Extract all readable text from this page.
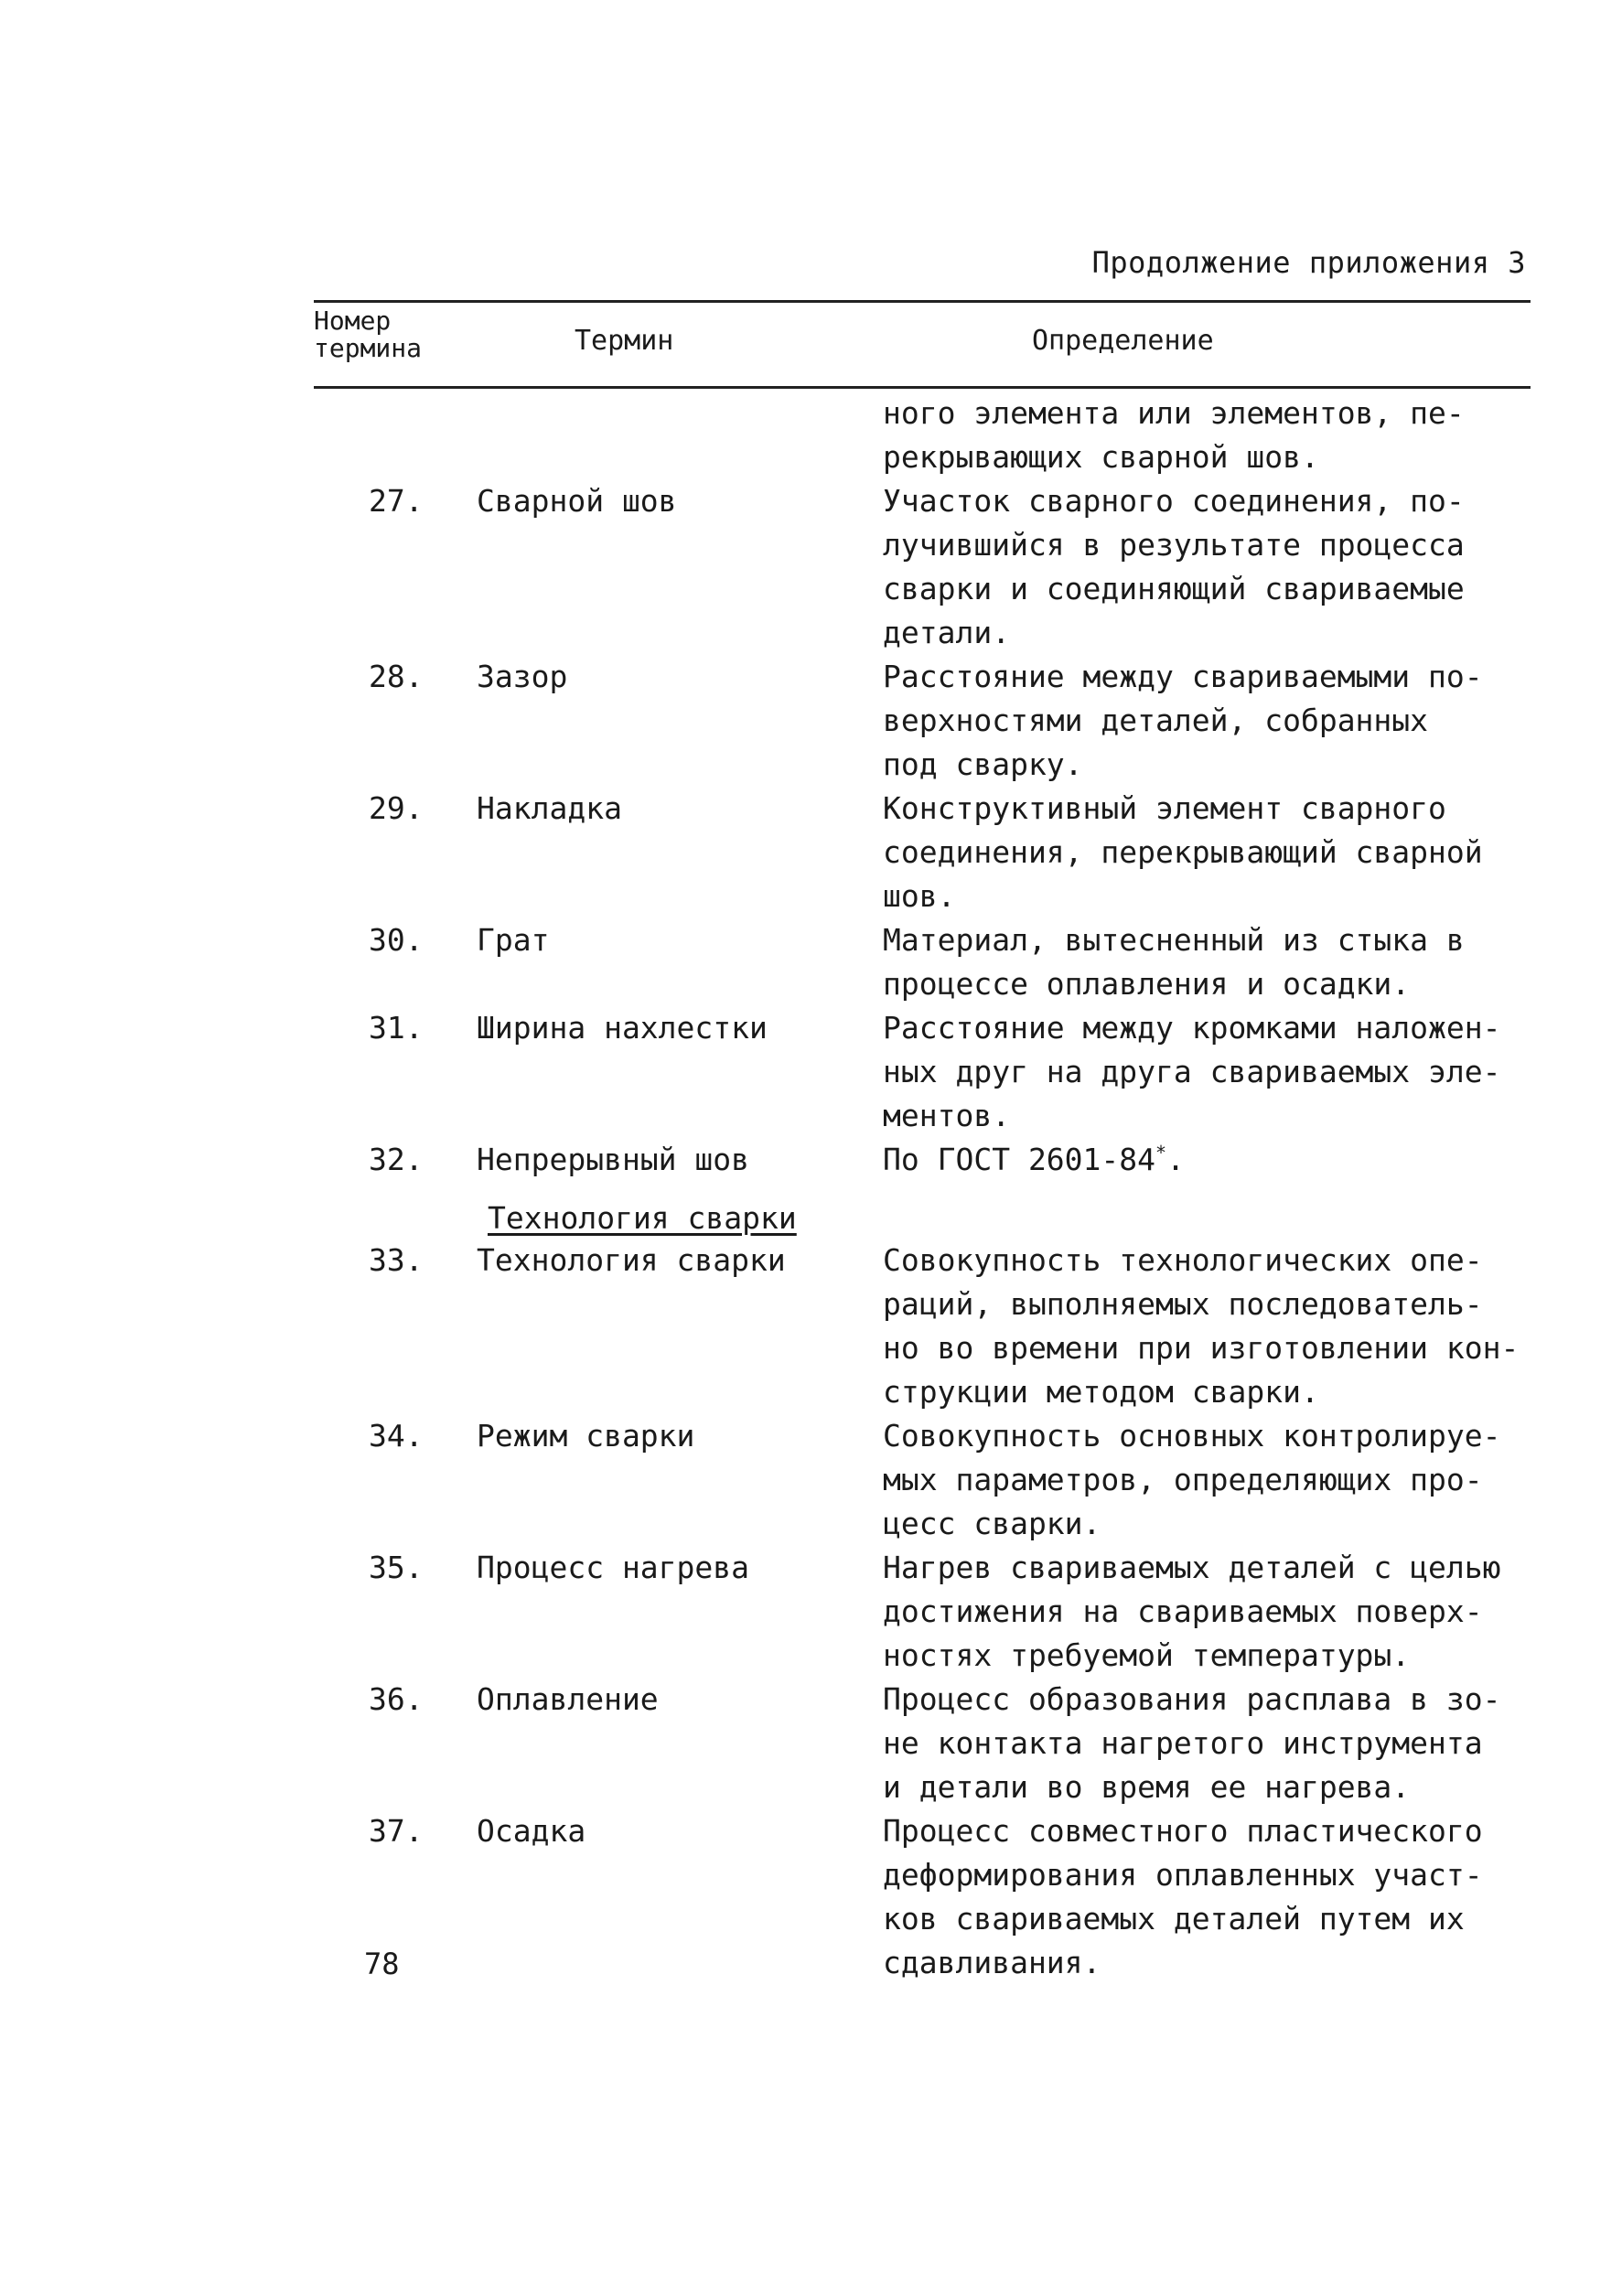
Продолжение приложения 3
Номер
термина	Термин	Определение
ного элемента или элементов, пе-
рекрывающих сварной шов.
27.	Сварной шов	Участок сварного соединения, по-
лучившийся в результате процесса
сварки и соединяющий свариваемые
детали.
28.	Зазор	Расстояние между свариваемыми по-
верхностями деталей, собранных
под сварку.
29.	Накладка	Конструктивный элемент сварного
соединения, перекрывающий сварной
шов.
30.	Грат	Материал, вытесненный из стыка в
процессе оплавления и осадки.
31.	Ширина нахлестки	Расстояние между кромками наложен-
ных друг на друга свариваемых эле-
ментов.
32.	Непрерывный шов	По ГОСТ 2601-84*.
Технология сварки
33.	Технология сварки	Совокупность технологических опе-
раций, выполняемых последователь-
но во времени при изготовлении кон-
струкции методом сварки.
34.	Режим сварки	Совокупность основных контролируе-
мых параметров, определяющих про-
цесс сварки.
35.	Процесс нагрева	Нагрев свариваемых деталей с целью
достижения на свариваемых поверх-
ностях требуемой температуры.
36.	Оплавление	Процесс образования расплава в зо-
не контакта нагретого инструмента
и детали во время ее нагрева.
37.	Осадка	Процесс совместного пластического
деформирования оплавленных участ-
ков свариваемых деталей путем их
сдавливания.
78
